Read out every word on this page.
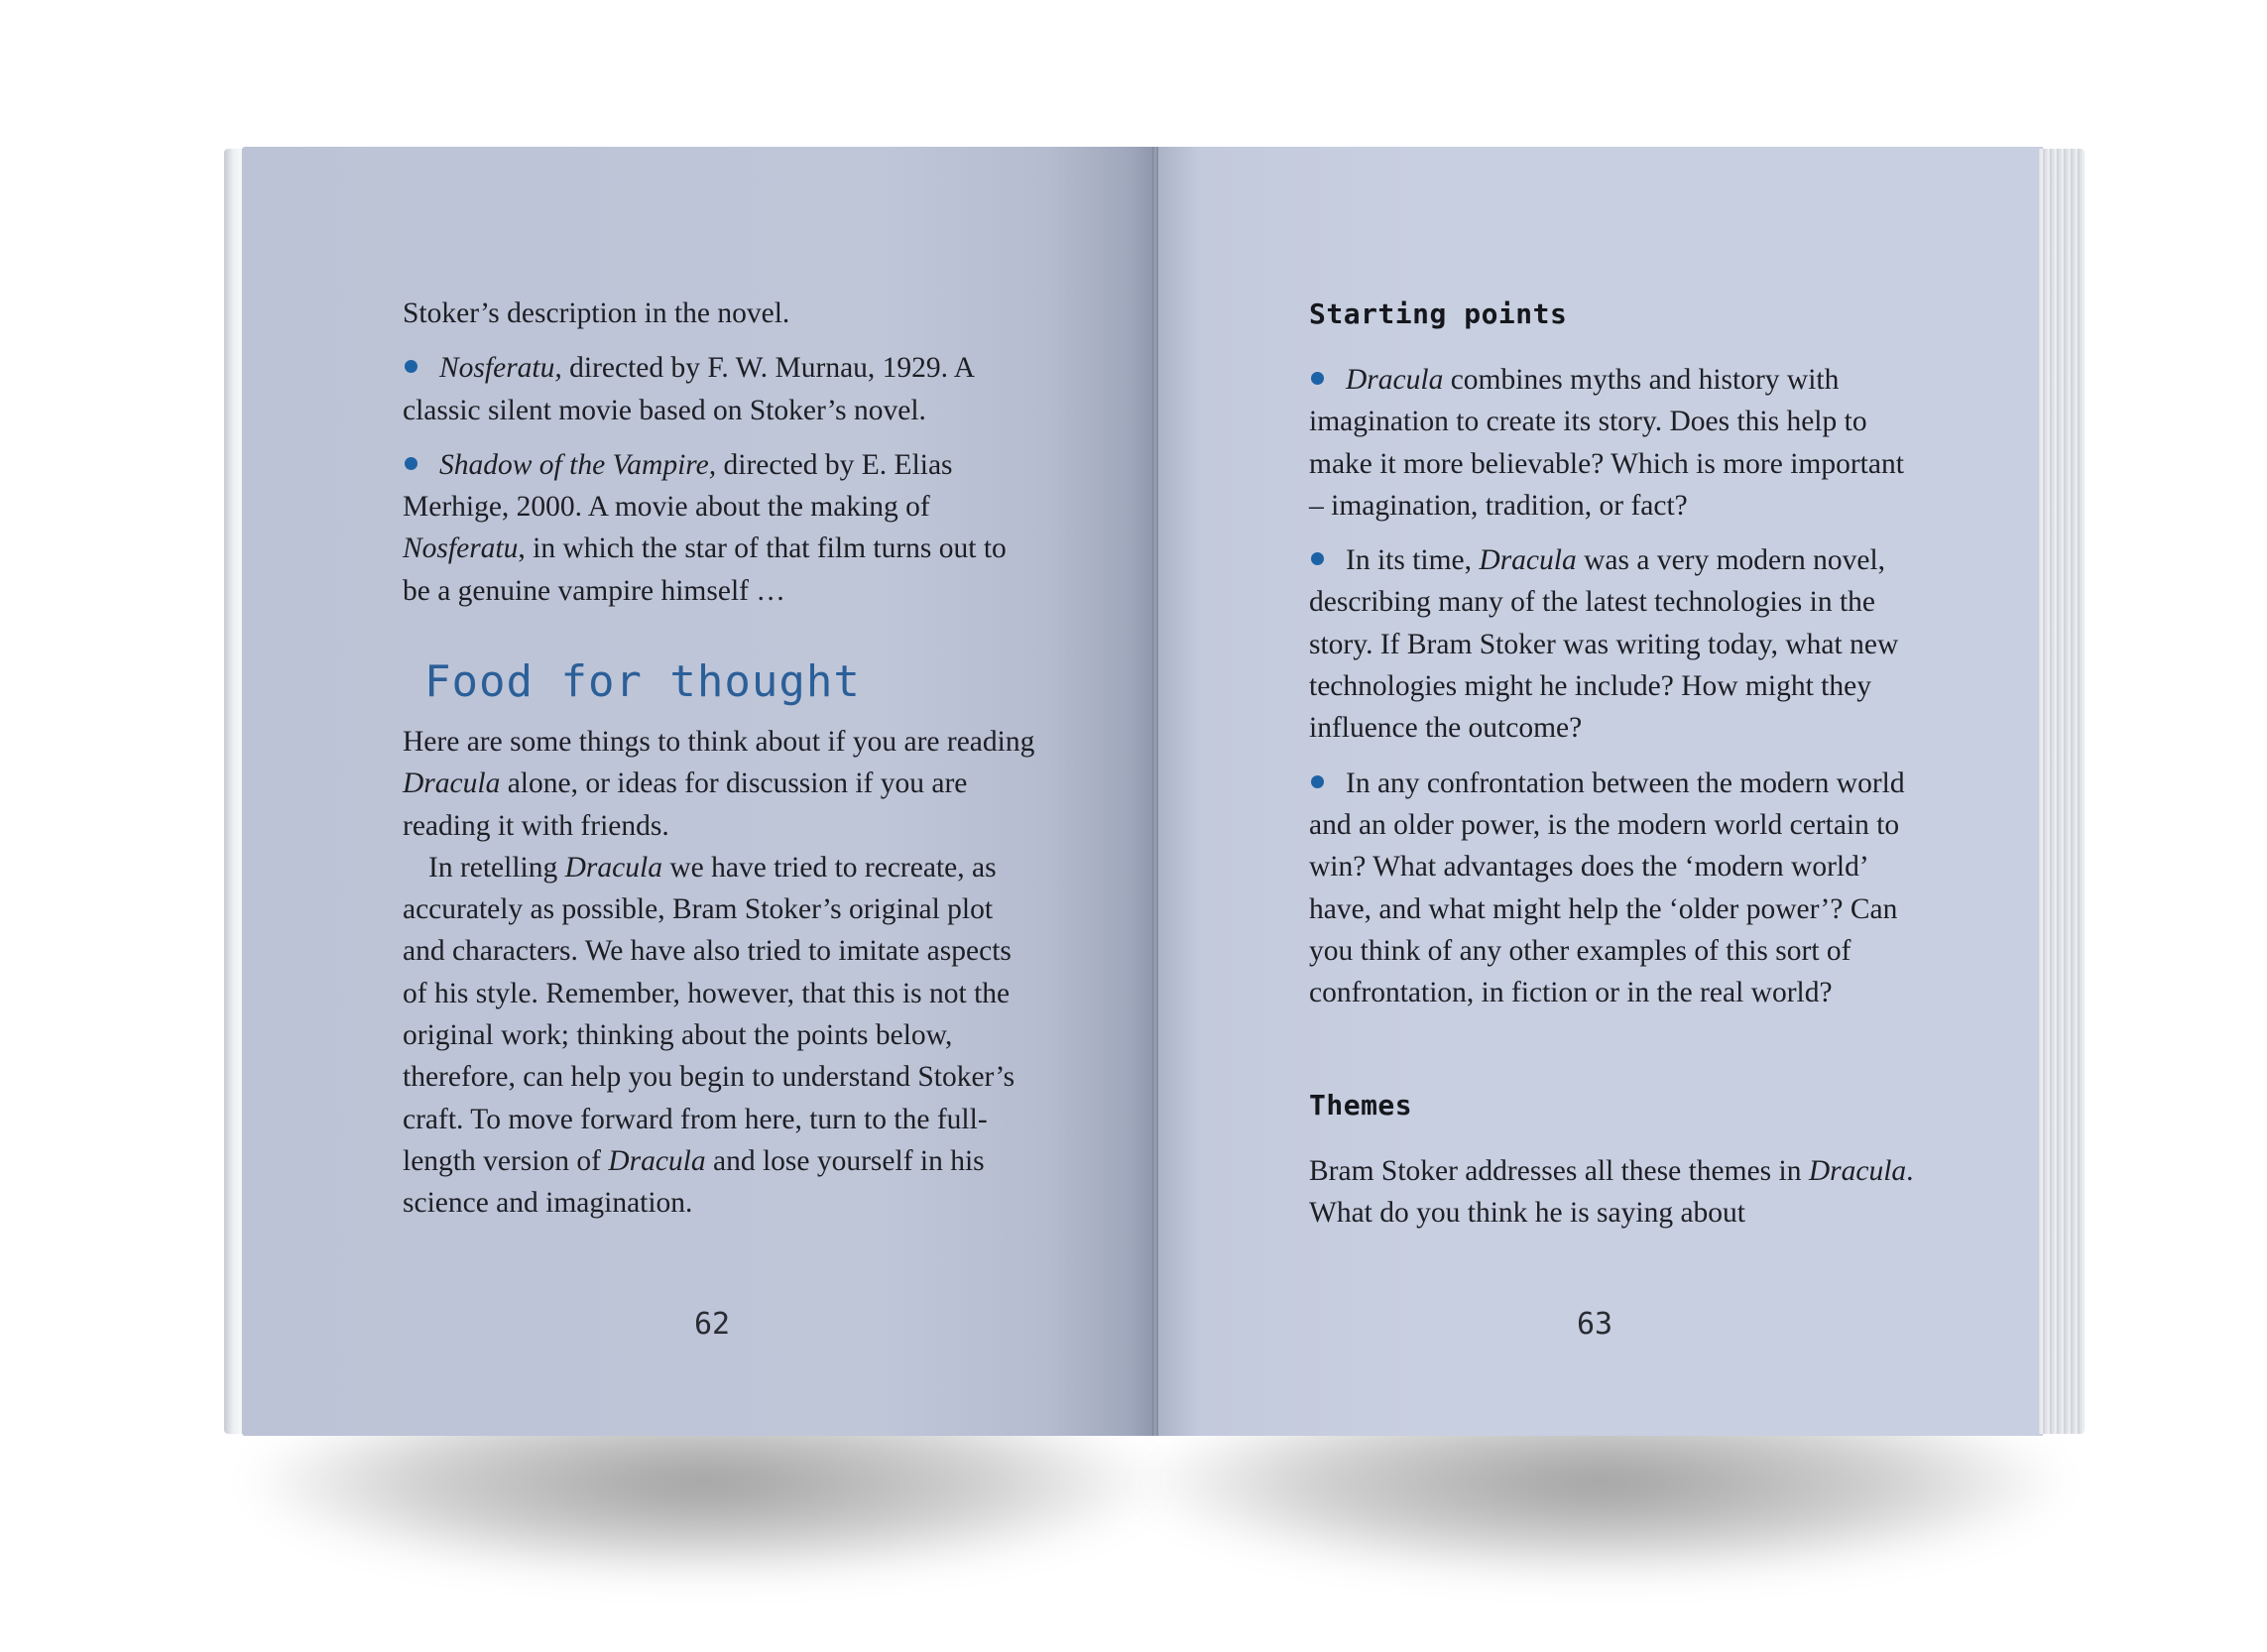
Stoker’s description in the novel.

Nosferatu, directed by F. W. Murnau, 1929. A classic silent movie based on Stoker’s novel.

Shadow of the Vampire, directed by E. Elias Merhige, 2000. A movie about the making of Nosferatu, in which the star of that film turns out to be a genuine vampire himself …

Food for thought

Here are some things to think about if you are reading Dracula alone, or ideas for discussion if you are reading it with friends.

In retelling Dracula we have tried to recreate, as accurately as possible, Bram Stoker’s original plot and characters. We have also tried to imitate aspects of his style. Remember, however, that this is not the original work; thinking about the points below, therefore, can help you begin to understand Stoker’s craft. To move forward from here, turn to the full-length version of Dracula and lose yourself in his science and imagination.

62
Starting points

Dracula combines myths and history with imagination to create its story. Does this help to make it more believable? Which is more important – imagination, tradition, or fact?

In its time, Dracula was a very modern novel, describing many of the latest technologies in the story. If Bram Stoker was writing today, what new technologies might he include? How might they influence the outcome?

In any confrontation between the modern world and an older power, is the modern world certain to win? What advantages does the ‘modern world’ have, and what might help the ‘older power’? Can you think of any other examples of this sort of confrontation, in fiction or in the real world?

Themes

Bram Stoker addresses all these themes in Dracula. What do you think he is saying about

63
